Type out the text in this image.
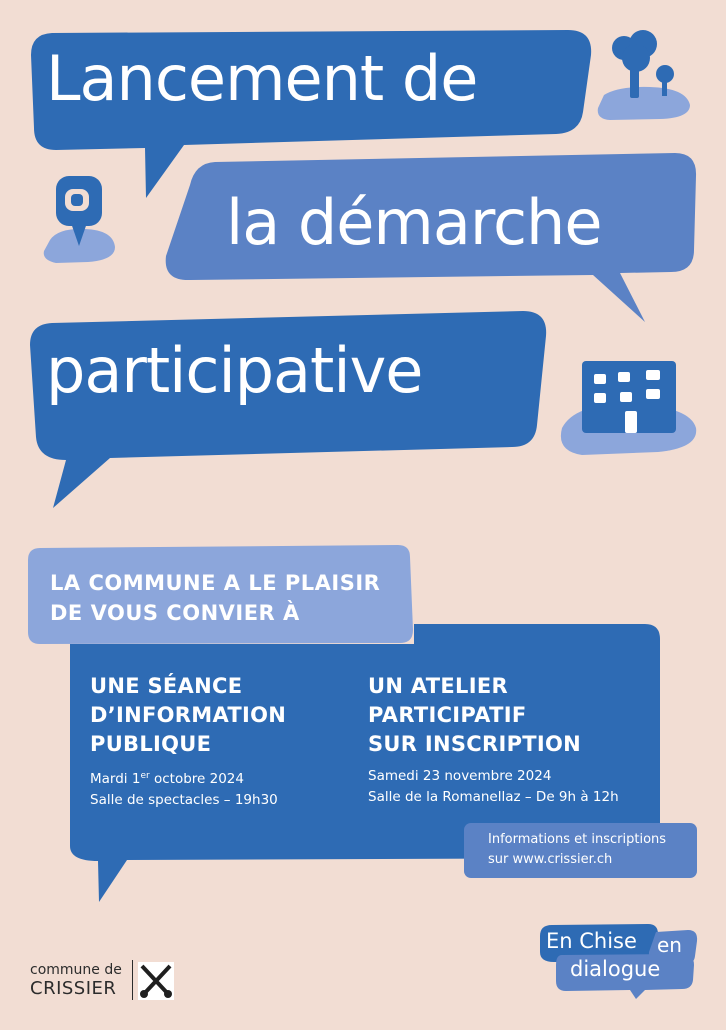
Lancement de
la démarche
participative
LA COMMUNE A LE PLAISIR
DE VOUS CONVIER À
UNE SÉANCE
D’INFORMATION
PUBLIQUE
Mardi 1er octobre 2024
Salle de spectacles – 19h30
UN ATELIER
PARTICIPATIF
SUR INSCRIPTION
Samedi 23 novembre 2024
Salle de la Romanellaz – De 9h à 12h
Informations et inscriptions
sur www.crissier.ch
commune de
CRISSIER
En Chise en
dialogue
